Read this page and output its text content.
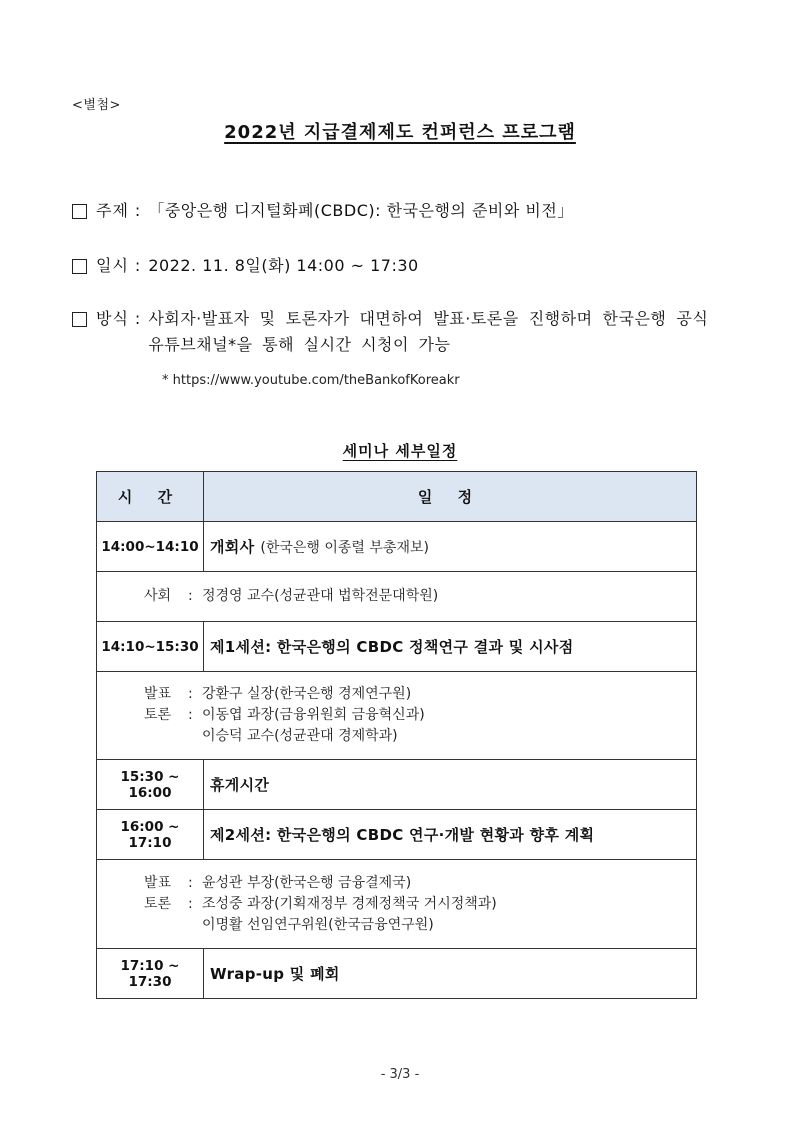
<별첨>
2022년 지급결제제도 컨퍼런스 프로그램
주제 : 「중앙은행 디지털화폐(CBDC): 한국은행의 준비와 비전」
일시 : 2022. 11. 8일(화) 14:00 ~ 17:30
방식 : 사회자·발표자 및 토론자가 대면하여 발표·토론을 진행하며 한국은행 공식 유튜브채널*을 통해 실시간 시청이 가능
* https://www.youtube.com/theBankofKoreakr
세미나 세부일정
시 간	일 정
14:00~14:10	개회사 (한국은행 이종렬 부총재보)

사회 : 정경영 교수(성균관대 법학전문대학원)	

14:10~15:30	제1세션: 한국은행의 CBDC 정책연구 결과 및 시사점

발표 : 강환구 실장(한국은행 경제연구원)
토론 : 이동엽 과장(금융위원회 금융혁신과)
이승덕 교수(성균관대 경제학과)	

15:30 ~ 16:00	휴게시간
16:00 ~ 17:10	제2세션: 한국은행의 CBDC 연구·개발 현황과 향후 계획

발표 : 윤성관 부장(한국은행 금융결제국)
토론 : 조성중 과장(기획재정부 경제정책국 거시정책과)
이명활 선임연구위원(한국금융연구원)	

17:10 ~ 17:30	Wrap-up 및 폐회
- 3/3 -
